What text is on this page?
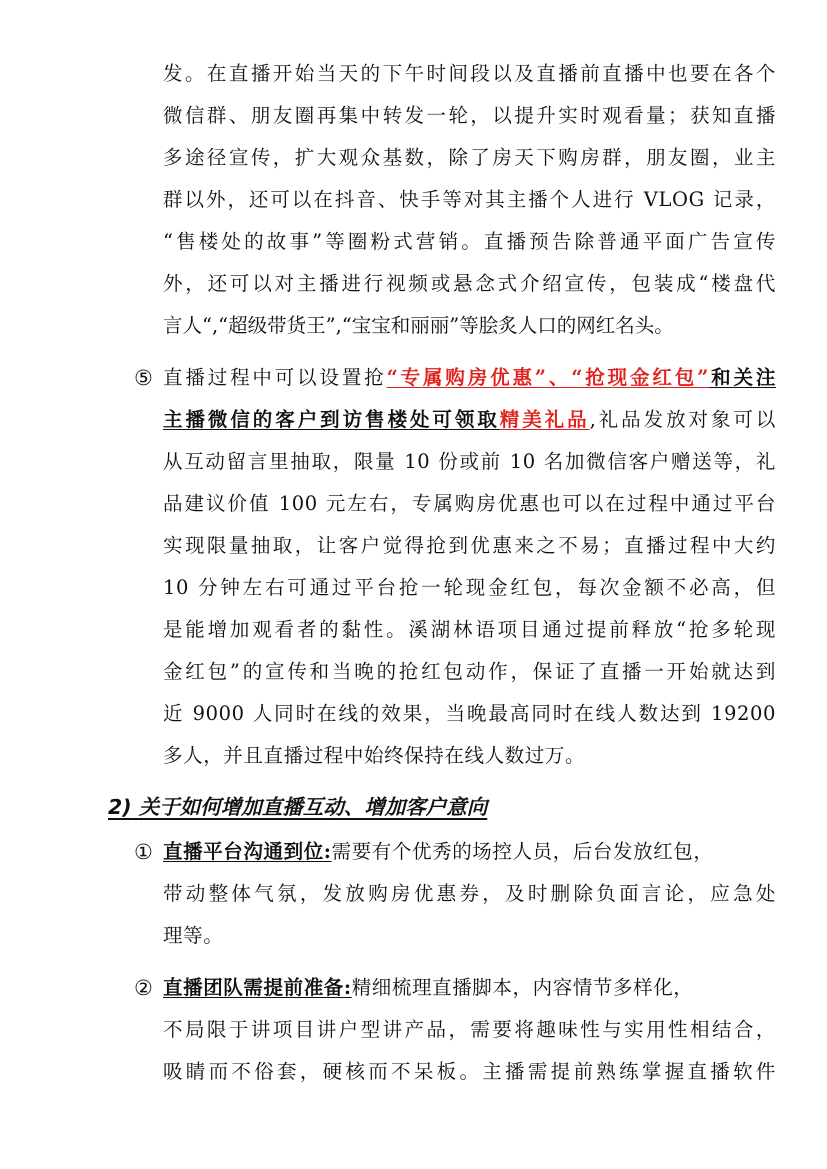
发。在直播开始当天的下午时间段以及直播前直播中也要在各个
微信群、朋友圈再集中转发一轮，以提升实时观看量；获知直播
多途径宣传，扩大观众基数，除了房天下购房群，朋友圈，业主
群以外，还可以在抖音、快手等对其主播个人进行 VLOG 记录，
“售楼处的故事”等圈粉式营销。直播预告除普通平面广告宣传
外，还可以对主播进行视频或悬念式介绍宣传，包装成“楼盘代
言人“,“超级带货王”,“宝宝和丽丽”等脍炙人口的网红名头。
⑤ 直播过程中可以设置抢“专属购房优惠”、“抢现金红包”和关注
主播微信的客户到访售楼处可领取精美礼品,礼品发放对象可以
从互动留言里抽取，限量 10 份或前 10 名加微信客户赠送等，礼
品建议价值 100 元左右，专属购房优惠也可以在过程中通过平台
实现限量抽取，让客户觉得抢到优惠来之不易；直播过程中大约
10 分钟左右可通过平台抢一轮现金红包，每次金额不必高，但
是能增加观看者的黏性。溪湖林语项目通过提前释放“抢多轮现
金红包”的宣传和当晚的抢红包动作，保证了直播一开始就达到
近 9000 人同时在线的效果，当晚最高同时在线人数达到 19200
多人，并且直播过程中始终保持在线人数过万。
2) 关于如何增加直播互动、增加客户意向
① 直播平台沟通到位:需要有个优秀的场控人员，后台发放红包，
带动整体气氛，发放购房优惠券，及时删除负面言论，应急处
理等。
② 直播团队需提前准备:精细梳理直播脚本，内容情节多样化，
不局限于讲项目讲户型讲产品，需要将趣味性与实用性相结合，
吸睛而不俗套，硬核而不呆板。主播需提前熟练掌握直播软件
